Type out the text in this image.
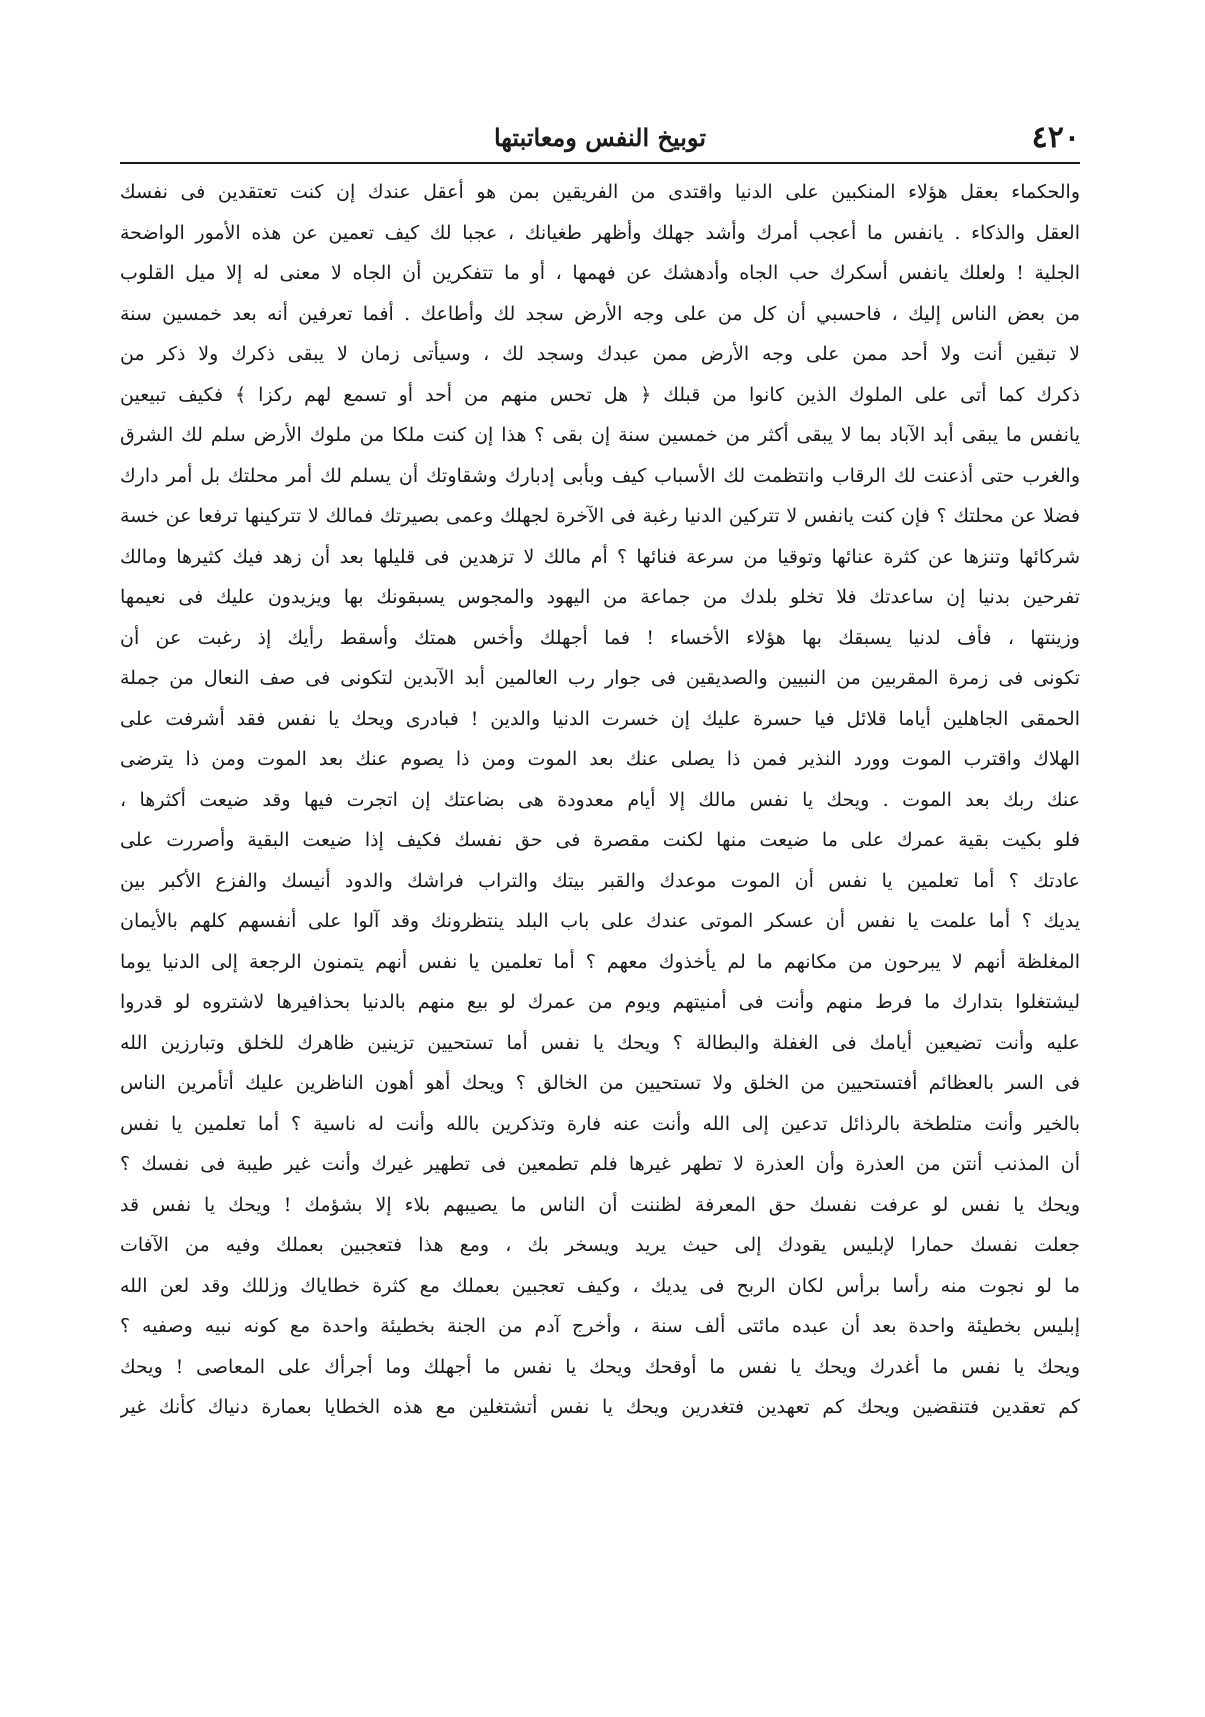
٤٢٠
توبيخ النفس ومعاتبتها
والحكماء بعقل هؤلاء المنكبين على الدنيا واقتدى من الفريقين بمن هو أعقل عندك إن كنت تعتقدين فى نفسك
العقل والذكاء . يانفس ما أعجب أمرك وأشد جهلك وأظهر طغيانك ، عجبا لك كيف تعمين عن هذه الأمور الواضحة
الجلية ! ولعلك يانفس أسكرك حب الجاه وأدهشك عن فهمها ، أو ما تتفكرين أن الجاه لا معنى له إلا ميل القلوب
من بعض الناس إليك ، فاحسبي أن كل من على وجه الأرض سجد لك وأطاعك . أفما تعرفين أنه بعد خمسين سنة
لا تبقين أنت ولا أحد ممن على وجه الأرض ممن عبدك وسجد لك ، وسيأتى زمان لا يبقى ذكرك ولا ذكر من
ذكرك كما أتى على الملوك الذين كانوا من قبلك ﴿ هل تحس منهم من أحد أو تسمع لهم ركزا ﴾ فكيف تبيعين
يانفس ما يبقى أبد الآباد بما لا يبقى أكثر من خمسين سنة إن بقى ؟ هذا إن كنت ملكا من ملوك الأرض سلم لك الشرق
والغرب حتى أذعنت لك الرقاب وانتظمت لك الأسباب كيف وبأبى إدبارك وشقاوتك أن يسلم لك أمر محلتك بل أمر دارك
فضلا عن محلتك ؟ فإن كنت يانفس لا تتركين الدنيا رغبة فى الآخرة لجهلك وعمى بصيرتك فمالك لا تتركينها ترفعا عن خسة
شركائها وتنزها عن كثرة عنائها وتوقيا من سرعة فنائها ؟ أم مالك لا تزهدين فى قليلها بعد أن زهد فيك كثيرها ومالك
تفرحين بدنيا إن ساعدتك فلا تخلو بلدك من جماعة من اليهود والمجوس يسبقونك بها ويزيدون عليك فى نعيمها
وزينتها ، فأف لدنيا يسبقك بها هؤلاء الأخساء ! فما أجهلك وأخس همتك وأسقط رأيك إذ رغبت عن أن
تكونى فى زمرة المقربين من النبيين والصديقين فى جوار رب العالمين أبد الآبدين لتكونى فى صف النعال من جملة
الحمقى الجاهلين أياما قلائل فيا حسرة عليك إن خسرت الدنيا والدين ! فبادرى ويحك يا نفس فقد أشرفت على
الهلاك واقترب الموت وورد النذير فمن ذا يصلى عنك بعد الموت ومن ذا يصوم عنك بعد الموت ومن ذا يترضى
عنك ربك بعد الموت . ويحك يا نفس مالك إلا أيام معدودة هى بضاعتك إن اتجرت فيها وقد ضيعت أكثرها ،
فلو بكيت بقية عمرك على ما ضيعت منها لكنت مقصرة فى حق نفسك فكيف إذا ضيعت البقية وأصررت على
عادتك ؟ أما تعلمين يا نفس أن الموت موعدك والقبر بيتك والتراب فراشك والدود أنيسك والفزع الأكبر بين
يديك ؟ أما علمت يا نفس أن عسكر الموتى عندك على باب البلد ينتظرونك وقد آلوا على أنفسهم كلهم بالأيمان
المغلظة أنهم لا يبرحون من مكانهم ما لم يأخذوك معهم ؟ أما تعلمين يا نفس أنهم يتمنون الرجعة إلى الدنيا يوما
ليشتغلوا بتدارك ما فرط منهم وأنت فى أمنيتهم ويوم من عمرك لو بيع منهم بالدنيا بحذافيرها لاشتروه لو قدروا
عليه وأنت تضيعين أيامك فى الغفلة والبطالة ؟ ويحك يا نفس أما تستحيين تزينين ظاهرك للخلق وتبارزين الله
فى السر بالعظائم أفتستحيين من الخلق ولا تستحيين من الخالق ؟ ويحك أهو أهون الناظرين عليك أتأمرين الناس
بالخير وأنت متلطخة بالرذائل تدعين إلى الله وأنت عنه فارة وتذكرين بالله وأنت له ناسية ؟ أما تعلمين يا نفس
أن المذنب أنتن من العذرة وأن العذرة لا تطهر غيرها فلم تطمعين فى تطهير غيرك وأنت غير طيبة فى نفسك ؟
ويحك يا نفس لو عرفت نفسك حق المعرفة لظننت أن الناس ما يصيبهم بلاء إلا بشؤمك ! ويحك يا نفس قد
جعلت نفسك حمارا لإبليس يقودك إلى حيث يريد ويسخر بك ، ومع هذا فتعجبين بعملك وفيه من الآفات
ما لو نجوت منه رأسا برأس لكان الربح فى يديك ، وكيف تعجبين بعملك مع كثرة خطاياك وزللك وقد لعن الله
إبليس بخطيئة واحدة بعد أن عبده مائتى ألف سنة ، وأخرج آدم من الجنة بخطيئة واحدة مع كونه نبيه وصفيه ؟
ويحك يا نفس ما أغدرك ويحك يا نفس ما أوقحك ويحك يا نفس ما أجهلك وما أجرأك على المعاصى ! ويحك
كم تعقدين فتنقضين ويحك كم تعهدين فتغدرين ويحك يا نفس أتشتغلين مع هذه الخطايا بعمارة دنياك كأنك غير
